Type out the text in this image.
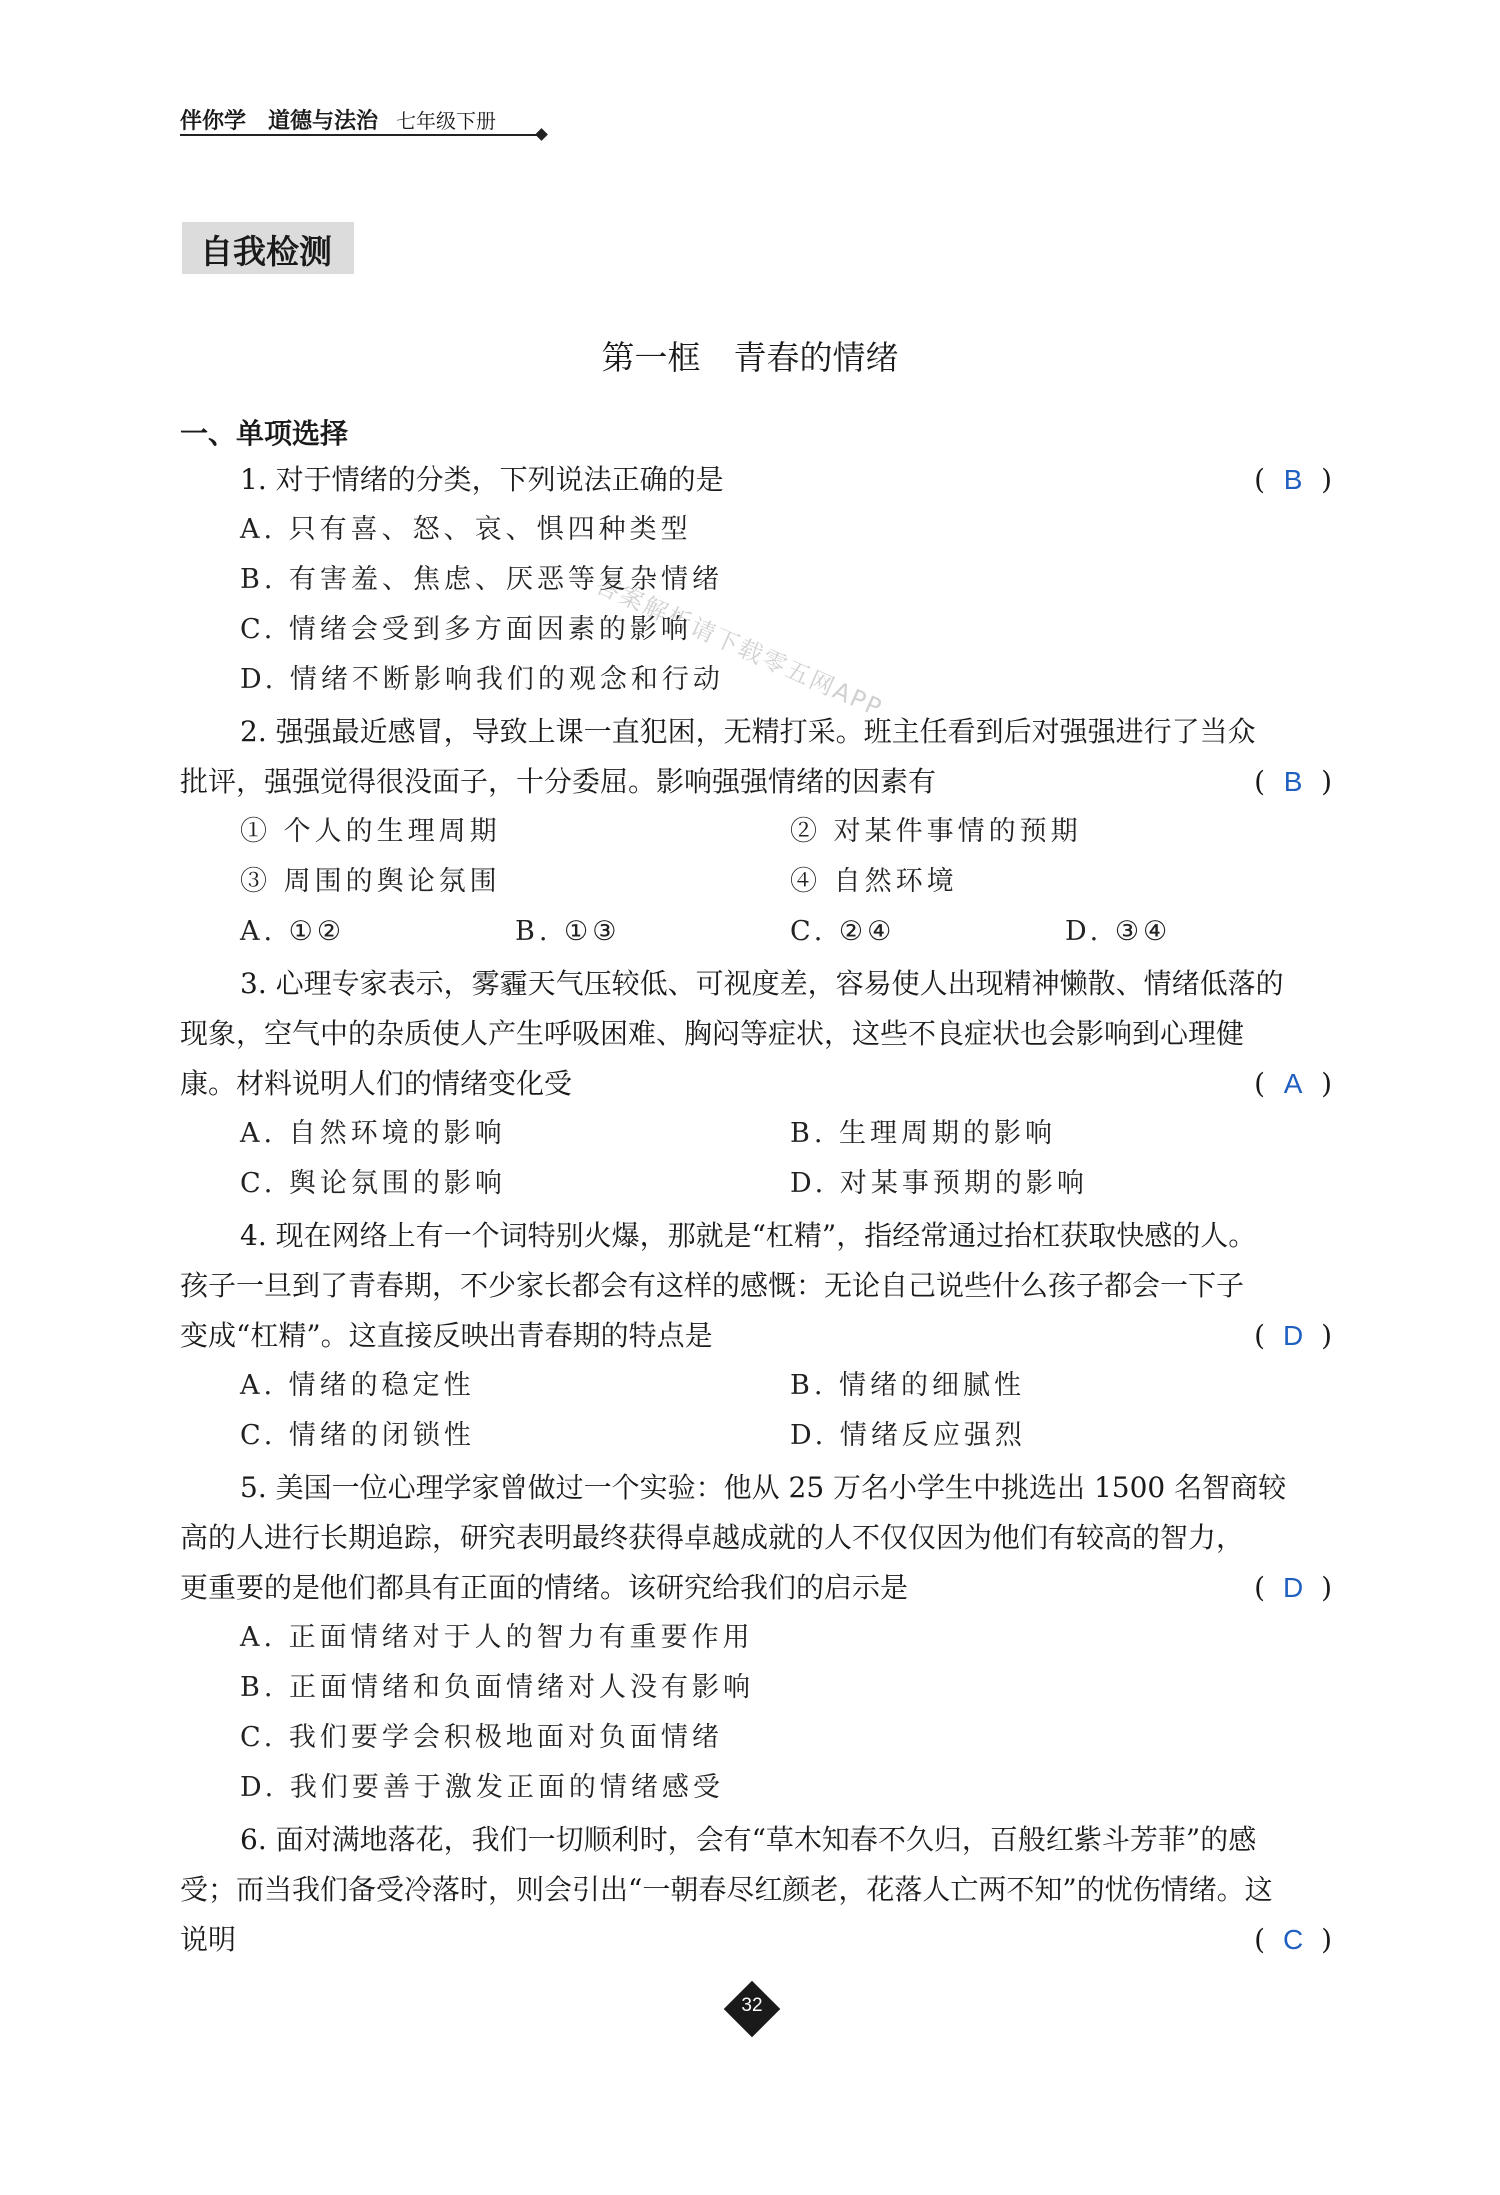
伴你学　道德与法治 七年级下册
自我检测
第一框　青春的情绪
一、单项选择
答案解析请下载零五网APP
1. 对于情绪的分类，下列说法正确的是	( B )
A. 只有喜、怒、哀、惧四种类型
B. 有害羞、焦虑、厌恶等复杂情绪
C. 情绪会受到多方面因素的影响
D. 情绪不断影响我们的观念和行动
2. 强强最近感冒，导致上课一直犯困，无精打采。班主任看到后对强强进行了当众
批评，强强觉得很没面子，十分委屈。影响强强情绪的因素有	( B )
① 个人的生理周期	② 对某件事情的预期
③ 周围的舆论氛围	④ 自然环境
A. ①②	B. ①③	C. ②④	D. ③④
3. 心理专家表示，雾霾天气压较低、可视度差，容易使人出现精神懒散、情绪低落的
现象，空气中的杂质使人产生呼吸困难、胸闷等症状，这些不良症状也会影响到心理健
康。材料说明人们的情绪变化受	( A )
A. 自然环境的影响	B. 生理周期的影响
C. 舆论氛围的影响	D. 对某事预期的影响
4. 现在网络上有一个词特别火爆，那就是“杠精”，指经常通过抬杠获取快感的人。
孩子一旦到了青春期，不少家长都会有这样的感慨：无论自己说些什么孩子都会一下子
变成“杠精”。这直接反映出青春期的特点是	( D )
A. 情绪的稳定性	B. 情绪的细腻性
C. 情绪的闭锁性	D. 情绪反应强烈
5. 美国一位心理学家曾做过一个实验：他从 25 万名小学生中挑选出 1500 名智商较
高的人进行长期追踪，研究表明最终获得卓越成就的人不仅仅因为他们有较高的智力，
更重要的是他们都具有正面的情绪。该研究给我们的启示是	( D )
A. 正面情绪对于人的智力有重要作用
B. 正面情绪和负面情绪对人没有影响
C. 我们要学会积极地面对负面情绪
D. 我们要善于激发正面的情绪感受
6. 面对满地落花，我们一切顺利时，会有“草木知春不久归，百般红紫斗芳菲”的感
受；而当我们备受冷落时，则会引出“一朝春尽红颜老，花落人亡两不知”的忧伤情绪。这
说明	( C )
32
